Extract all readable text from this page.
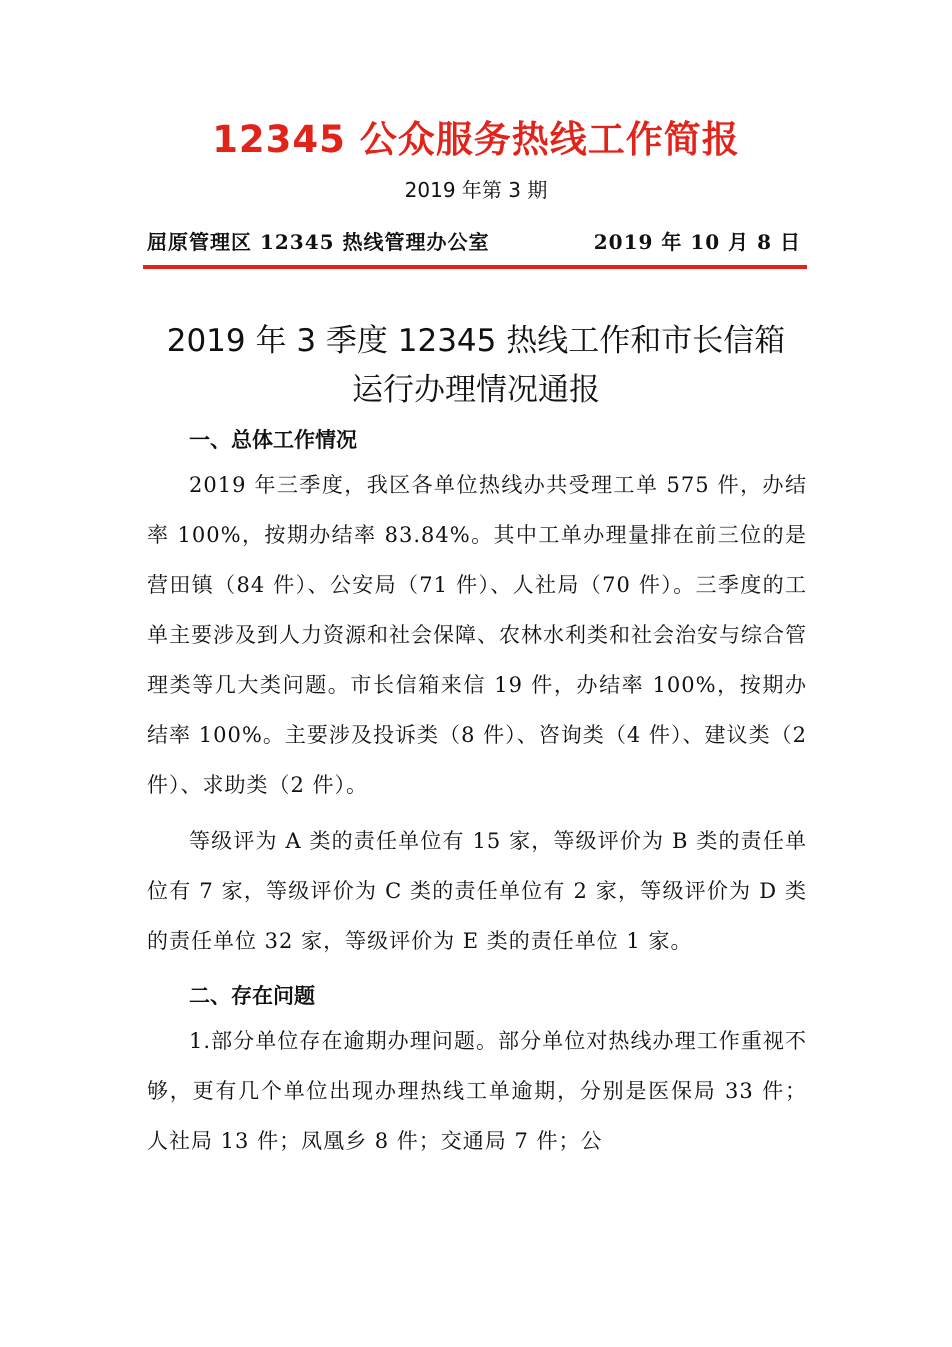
12345 公众服务热线工作简报
2019 年第 3 期
屈原管理区 12345 热线管理办公室	2019 年 10 月 8 日
2019 年 3 季度 12345 热线工作和市长信箱
运行办理情况通报

一、总体工作情况

2019 年三季度，我区各单位热线办共受理工单 575 件，办结率 100%，按期办结率 83.84%。其中工单办理量排在前三位的是营田镇（84 件）、公安局（71 件）、人社局（70 件）。三季度的工单主要涉及到人力资源和社会保障、农林水利类和社会治安与综合管理类等几大类问题。市长信箱来信 19 件，办结率 100%，按期办结率 100%。主要涉及投诉类（8 件）、咨询类（4 件）、建议类（2 件）、求助类（2 件）。

等级评为 A 类的责任单位有 15 家，等级评价为 B 类的责任单位有 7 家，等级评价为 C 类的责任单位有 2 家，等级评价为 D 类的责任单位 32 家，等级评价为 E 类的责任单位 1 家。

二、存在问题

1.部分单位存在逾期办理问题。部分单位对热线办理工作重视不够，更有几个单位出现办理热线工单逾期，分别是医保局 33 件；人社局 13 件；凤凰乡 8 件；交通局 7 件；公
